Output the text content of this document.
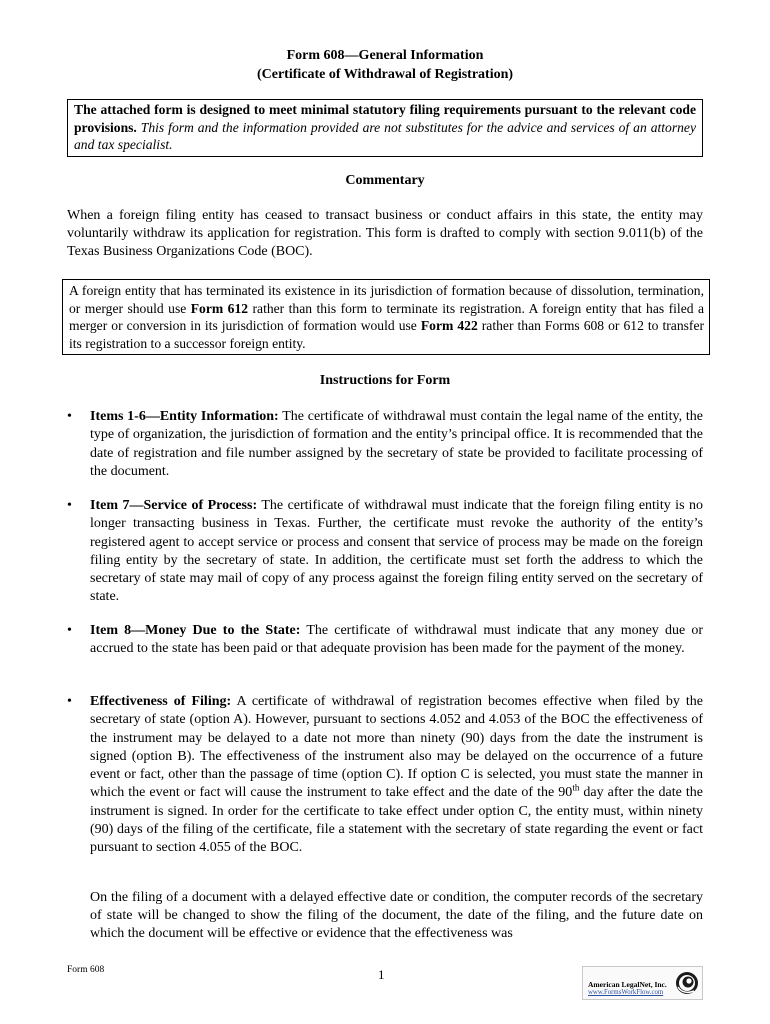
Form 608—General Information
(Certificate of Withdrawal of Registration)
The attached form is designed to meet minimal statutory filing requirements pursuant to the relevant code provisions. This form and the information provided are not substitutes for the advice and services of an attorney and tax specialist.
Commentary
When a foreign filing entity has ceased to transact business or conduct affairs in this state, the entity may voluntarily withdraw its application for registration. This form is drafted to comply with section 9.011(b) of the Texas Business Organizations Code (BOC).
A foreign entity that has terminated its existence in its jurisdiction of formation because of dissolution, termination, or merger should use Form 612 rather than this form to terminate its registration. A foreign entity that has filed a merger or conversion in its jurisdiction of formation would use Form 422 rather than Forms 608 or 612 to transfer its registration to a successor foreign entity.
Instructions for Form
•	Items 1-6—Entity Information: The certificate of withdrawal must contain the legal name of the entity, the type of organization, the jurisdiction of formation and the entity’s principal office. It is recommended that the date of registration and file number assigned by the secretary of state be provided to facilitate processing of the document.
•	Item 7—Service of Process: The certificate of withdrawal must indicate that the foreign filing entity is no longer transacting business in Texas. Further, the certificate must revoke the authority of the entity’s registered agent to accept service or process and consent that service of process may be made on the foreign filing entity by the secretary of state. In addition, the certificate must set forth the address to which the secretary of state may mail of copy of any process against the foreign filing entity served on the secretary of state.
•	Item 8—Money Due to the State: The certificate of withdrawal must indicate that any money due or accrued to the state has been paid or that adequate provision has been made for the payment of the money.
•	Effectiveness of Filing: A certificate of withdrawal of registration becomes effective when filed by the secretary of state (option A). However, pursuant to sections 4.052 and 4.053 of the BOC the effectiveness of the instrument may be delayed to a date not more than ninety (90) days from the date the instrument is signed (option B). The effectiveness of the instrument also may be delayed on the occurrence of a future event or fact, other than the passage of time (option C). If option C is selected, you must state the manner in which the event or fact will cause the instrument to take effect and the date of the 90th day after the date the instrument is signed. In order for the certificate to take effect under option C, the entity must, within ninety (90) days of the filing of the certificate, file a statement with the secretary of state regarding the event or fact pursuant to section 4.055 of the BOC.
On the filing of a document with a delayed effective date or condition, the computer records of the secretary of state will be changed to show the filing of the document, the date of the filing, and the future date on which the document will be effective or evidence that the effectiveness was
Form 608	1
American LegalNet, Inc.
www.FormsWorkFlow.com
